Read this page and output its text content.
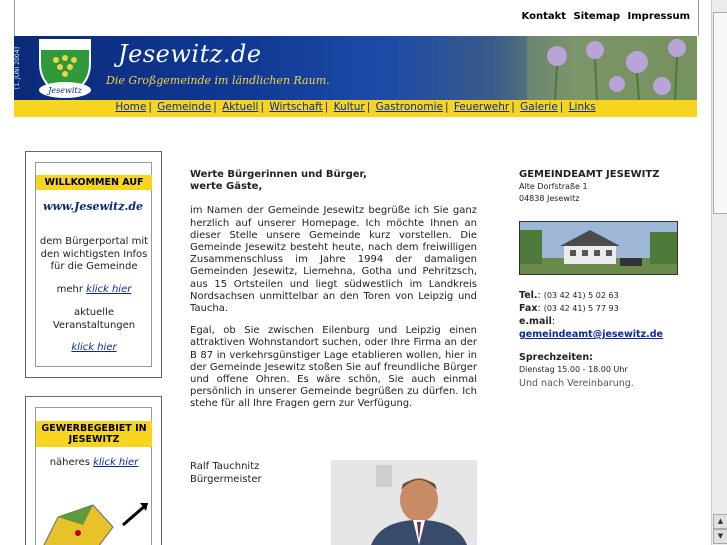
Kontakt Sitemap Impressum
[1. JUNI 2004]
Jesewitz
Jesewitz.de
Die Großgemeinde im ländlichen Raum.
Home | Gemeinde | Aktuell | Wirtschaft | Kultur | Gastronomie | Feuerwehr | Galerie | Links
WILLKOMMEN AUF
www.Jesewitz.de
dem Bürgerportal mit den wichtigsten Infos für die Gemeinde
mehr klick hier
aktuelle Veranstaltungen
klick hier
GEWERBEGEBIET IN JESEWITZ
näheres klick hier

Werte Bürgerinnen und Bürger,
werte Gäste,

im Namen der Gemeinde Jesewitz begrüße ich Sie ganz herzlich auf unserer Homepage. Ich möchte Ihnen an dieser Stelle unsere Gemeinde kurz vorstellen. Die Gemeinde Jesewitz besteht heute, nach dem freiwilligen Zusammenschluss im Jahre 1994 der damaligen Gemeinden Jesewitz, Liemehna, Gotha und Pehritzsch, aus 15 Ortsteilen und liegt südwestlich im Landkreis Nordsachsen unmittelbar an den Toren von Leipzig und Taucha.

Egal, ob Sie zwischen Eilenburg und Leipzig einen attraktiven Wohnstandort suchen, oder Ihre Firma an der B 87 in verkehrsgünstiger Lage etablieren wollen, hier in der Gemeinde Jesewitz stoßen Sie auf freundliche Bürger und offene Ohren. Es wäre schön, Sie auch einmal persönlich in unserer Gemeinde begrüßen zu dürfen. Ich stehe für all Ihre Fragen gern zur Verfügung.

Ralf Tauchnitz
Bürgermeister
GEMEINDEAMT JESEWITZ
Alte Dorfstraße 1
04838 Jesewitz
Tel.: (03 42 41) 5 02 63
Fax: (03 42 41) 5 77 93
e.mail:
gemeindeamt@jesewitz.de
Sprechzeiten:
Dienstag 15.00 - 18.00 Uhr
Und nach Vereinbarung.
▲
▼
